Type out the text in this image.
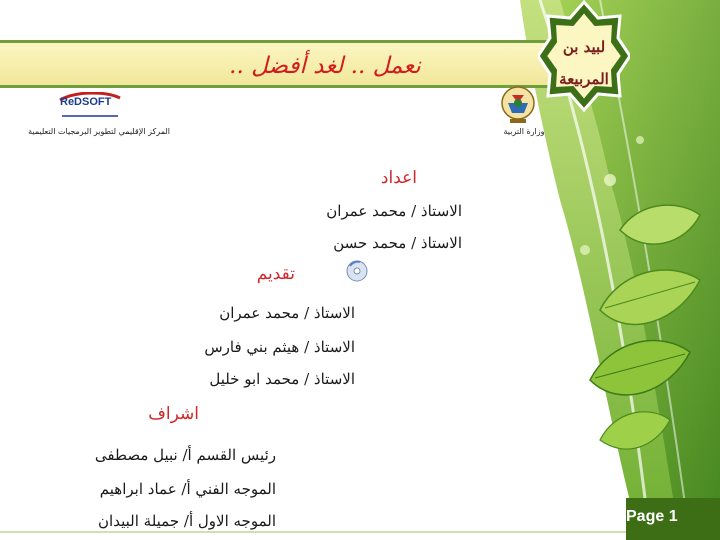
نعمل .. لغد أفضل ..
لبيد بن
المربيعة
ReDSOFT
المركز الإقليمي لتطوير البرمجيات التعليمية	وزارة التربية
اعداد
الاستاذ / محمد عمران
الاستاذ / محمد حسن
تقديم
الاستاذ / محمد عمران
الاستاذ / هيثم بني فارس
الاستاذ / محمد ابو خليل
اشراف
رئيس القسم أ/ نبيل مصطفى
الموجه الفني أ/ عماد ابراهيم
الموجه الاول أ/ جميلة البيدان	Page 1
